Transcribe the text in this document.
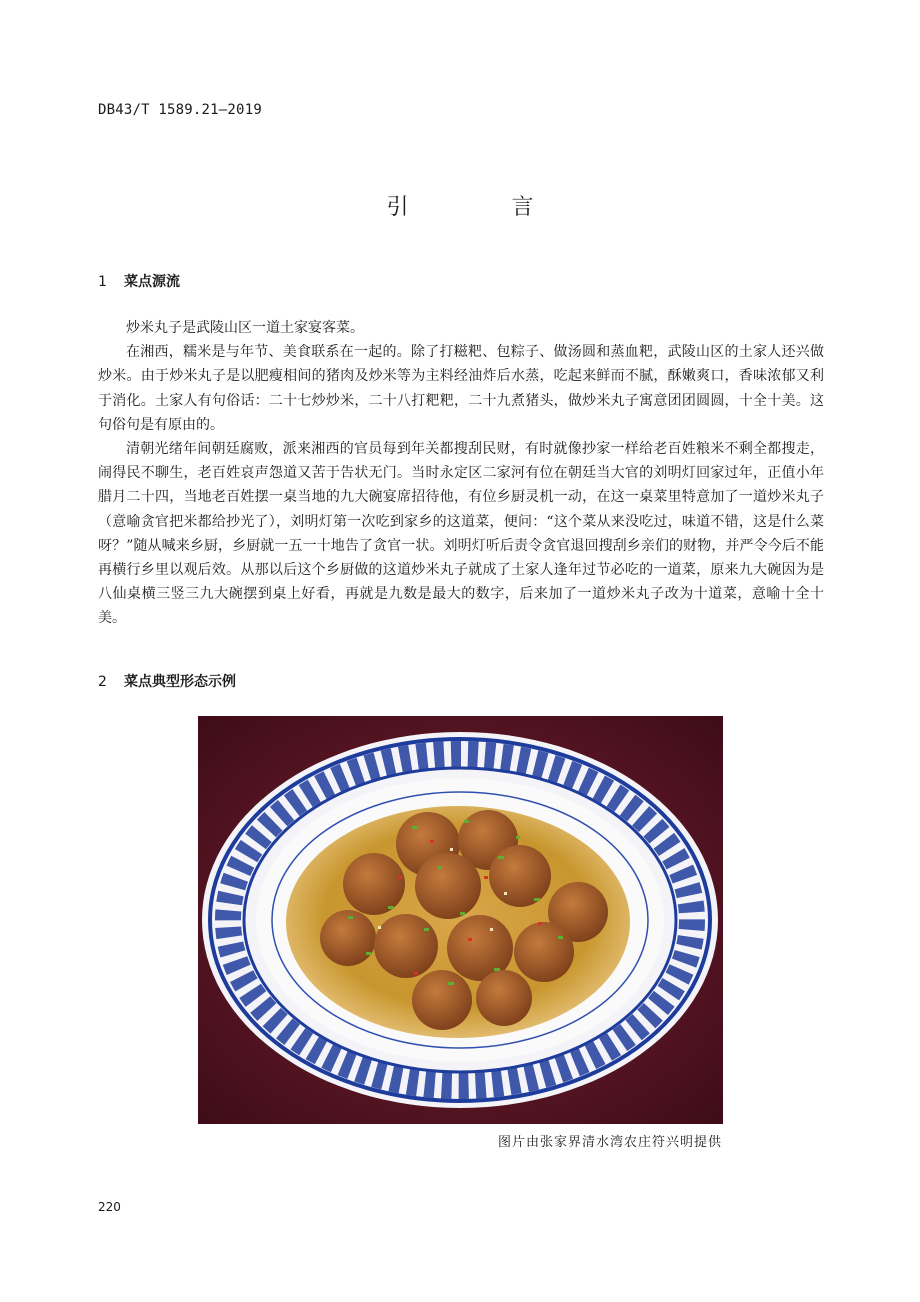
DB43/T 1589.21—2019
引 言
1 菜点源流

炒米丸子是武陵山区一道土家宴客菜。

在湘西，糯米是与年节、美食联系在一起的。除了打糍粑、包粽子、做汤圆和蒸血粑，武陵山区的土家人还兴做炒米。由于炒米丸子是以肥瘦相间的猪肉及炒米等为主料经油炸后水蒸，吃起来鲜而不腻，酥嫩爽口，香味浓郁又利于消化。土家人有句俗话：二十七炒炒米，二十八打粑粑，二十九煮猪头，做炒米丸子寓意团团圆圆，十全十美。这句俗句是有原由的。

清朝光绪年间朝廷腐败，派来湘西的官员每到年关都搜刮民财，有时就像抄家一样给老百姓粮米不剩全都搜走，闹得民不聊生，老百姓哀声怨道又苦于告状无门。当时永定区二家河有位在朝廷当大官的刘明灯回家过年，正值小年腊月二十四，当地老百姓摆一桌当地的九大碗宴席招待他，有位乡厨灵机一动，在这一桌菜里特意加了一道炒米丸子（意喻贪官把米都给抄光了），刘明灯第一次吃到家乡的这道菜，便问：“这个菜从来没吃过，味道不错，这是什么菜呀？”随从喊来乡厨，乡厨就一五一十地告了贪官一状。刘明灯听后责令贪官退回搜刮乡亲们的财物，并严令今后不能再横行乡里以观后效。从那以后这个乡厨做的这道炒米丸子就成了土家人逢年过节必吃的一道菜，原来九大碗因为是八仙桌横三竖三九大碗摆到桌上好看，再就是九数是最大的数字，后来加了一道炒米丸子改为十道菜，意喻十全十美。

2 菜点典型形态示例
图片由张家界清水湾农庄符兴明提供
220
